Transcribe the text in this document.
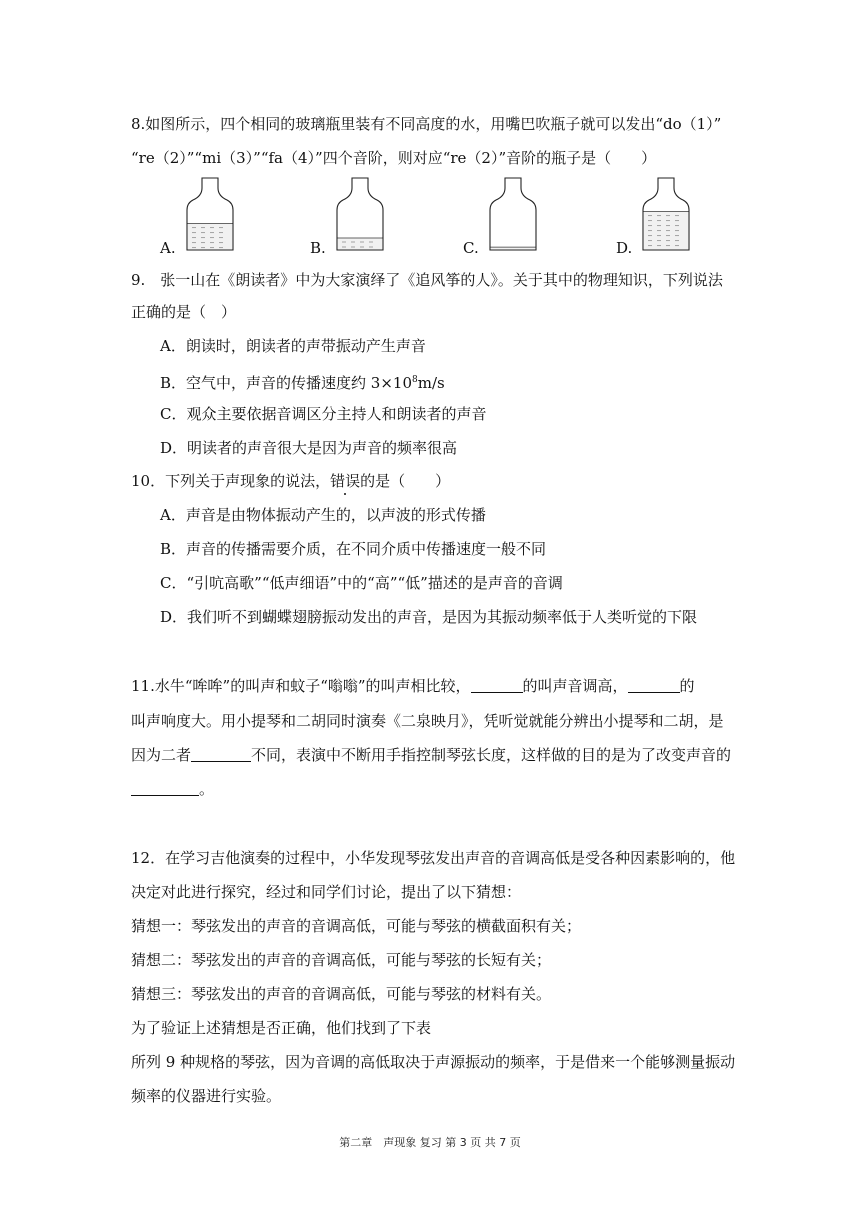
8.如图所示，四个相同的玻璃瓶里装有不同高度的水，用嘴巴吹瓶子就可以发出“do（1）”
“re（2）”“mi（3）”“fa（4）”四个音阶，则对应“re（2）”音阶的瓶子是（　　）
A.	B.	C.	D.
9.　张一山在《朗读者》中为大家演绎了《追风筝的人》。关于其中的物理知识，下列说法
正确的是（　）
A．朗读时，朗读者的声带振动产生声音
B．空气中，声音的传播速度约 $3\times 10^8m/s$
C．观众主要依据音调区分主持人和朗读者的声音
D．明读者的声音很大是因为声音的频率很高
10．下列关于声现象的说法，错误的是（　　）
A．声音是由物体振动产生的，以声波的形式传播
B．声音的传播需要介质，在不同介质中传播速度一般不同
C．“引吭高歌”“低声细语”中的“高”“低”描述的是声音的音调
D．我们听不到蝴蝶翅膀振动发出的声音，是因为其振动频率低于人类听觉的下限
11.水牛“哞哞”的叫声和蚊子“嗡嗡”的叫声相比较，	的叫声音调高，	的
叫声响度大。用小提琴和二胡同时演奏《二泉映月》，凭听觉就能分辨出小提琴和二胡，是
因为二者	不同，表演中不断用手指控制琴弦长度，这样做的目的是为了改变声音的
。
12．在学习吉他演奏的过程中，小华发现琴弦发出声音的音调高低是受各种因素影响的，他
决定对此进行探究，经过和同学们讨论，提出了以下猜想：
猜想一：琴弦发出的声音的音调高低，可能与琴弦的横截面积有关；
猜想二：琴弦发出的声音的音调高低，可能与琴弦的长短有关；
猜想三：琴弦发出的声音的音调高低，可能与琴弦的材料有关。
为了验证上述猜想是否正确，他们找到了下表
所列 9 种规格的琴弦，因为音调的高低取决于声源振动的频率，于是借来一个能够测量振动
频率的仪器进行实验。
第二章　声现象 复习 第 3 页 共 7 页
